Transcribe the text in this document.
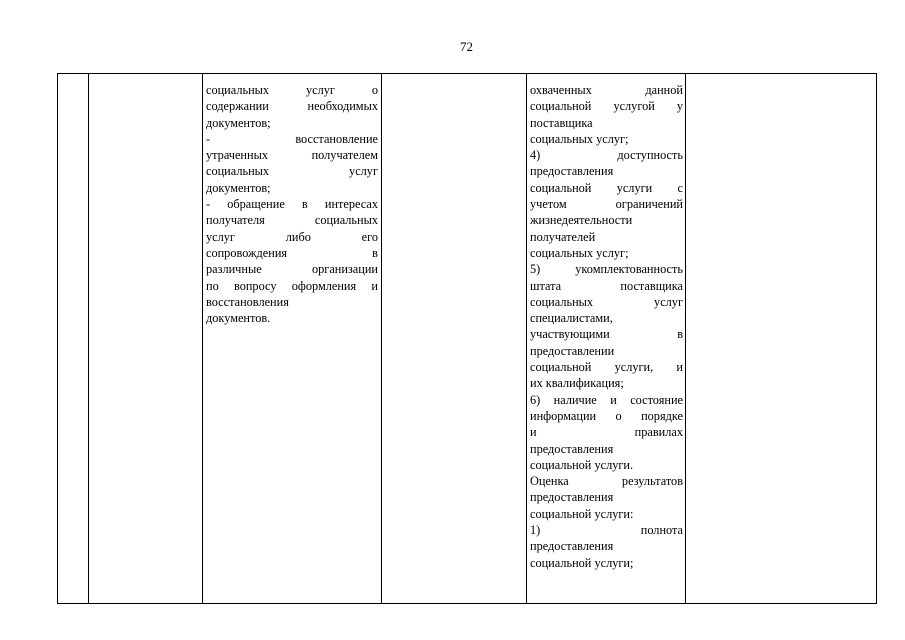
72
социальных услуг о
содержании необходимых
документов;
- восстановление
утраченных получателем
социальных услуг
документов;
- обращение в интересах
получателя социальных
услуг либо его
сопровождения в
различные организации
по вопросу оформления и
восстановления
документов.
охваченных данной
социальной услугой у
поставщика
социальных услуг;
4) доступность
предоставления
социальной услуги с
учетом ограничений
жизнедеятельности
получателей
социальных услуг;
5) укомплектованность
штата поставщика
социальных услуг
специалистами,
участвующими в
предоставлении
социальной услуги, и
их квалификация;
6) наличие и состояние
информации о порядке
и правилах
предоставления
социальной услуги.
Оценка результатов
предоставления
социальной услуги:
1) полнота
предоставления
социальной услуги;
